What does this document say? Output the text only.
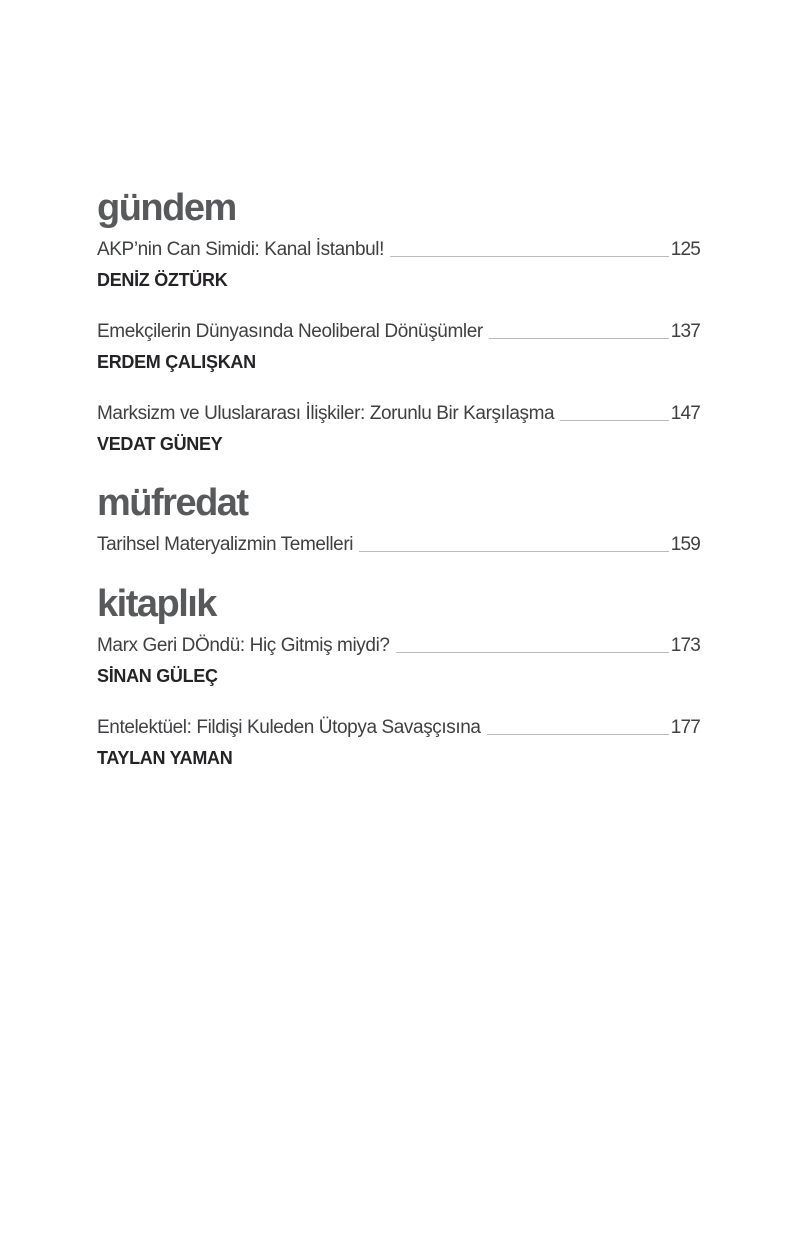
gündem
AKP’nin Can Simidi: Kanal İstanbul!	125
DENİZ ÖZTÜRK
Emekçilerin Dünyasında Neoliberal Dönüşümler	137
ERDEM ÇALIŞKAN
Marksizm ve Uluslararası İlişkiler: Zorunlu Bir Karşılaşma	147
VEDAT GÜNEY
müfredat
Tarihsel Materyalizmin Temelleri	159
kitaplık
Marx Geri DÖndü: Hiç Gitmiş miydi?	173
SİNAN GÜLEÇ
Entelektüel: Fildişi Kuleden Ütopya Savaşçısına	177
TAYLAN YAMAN
